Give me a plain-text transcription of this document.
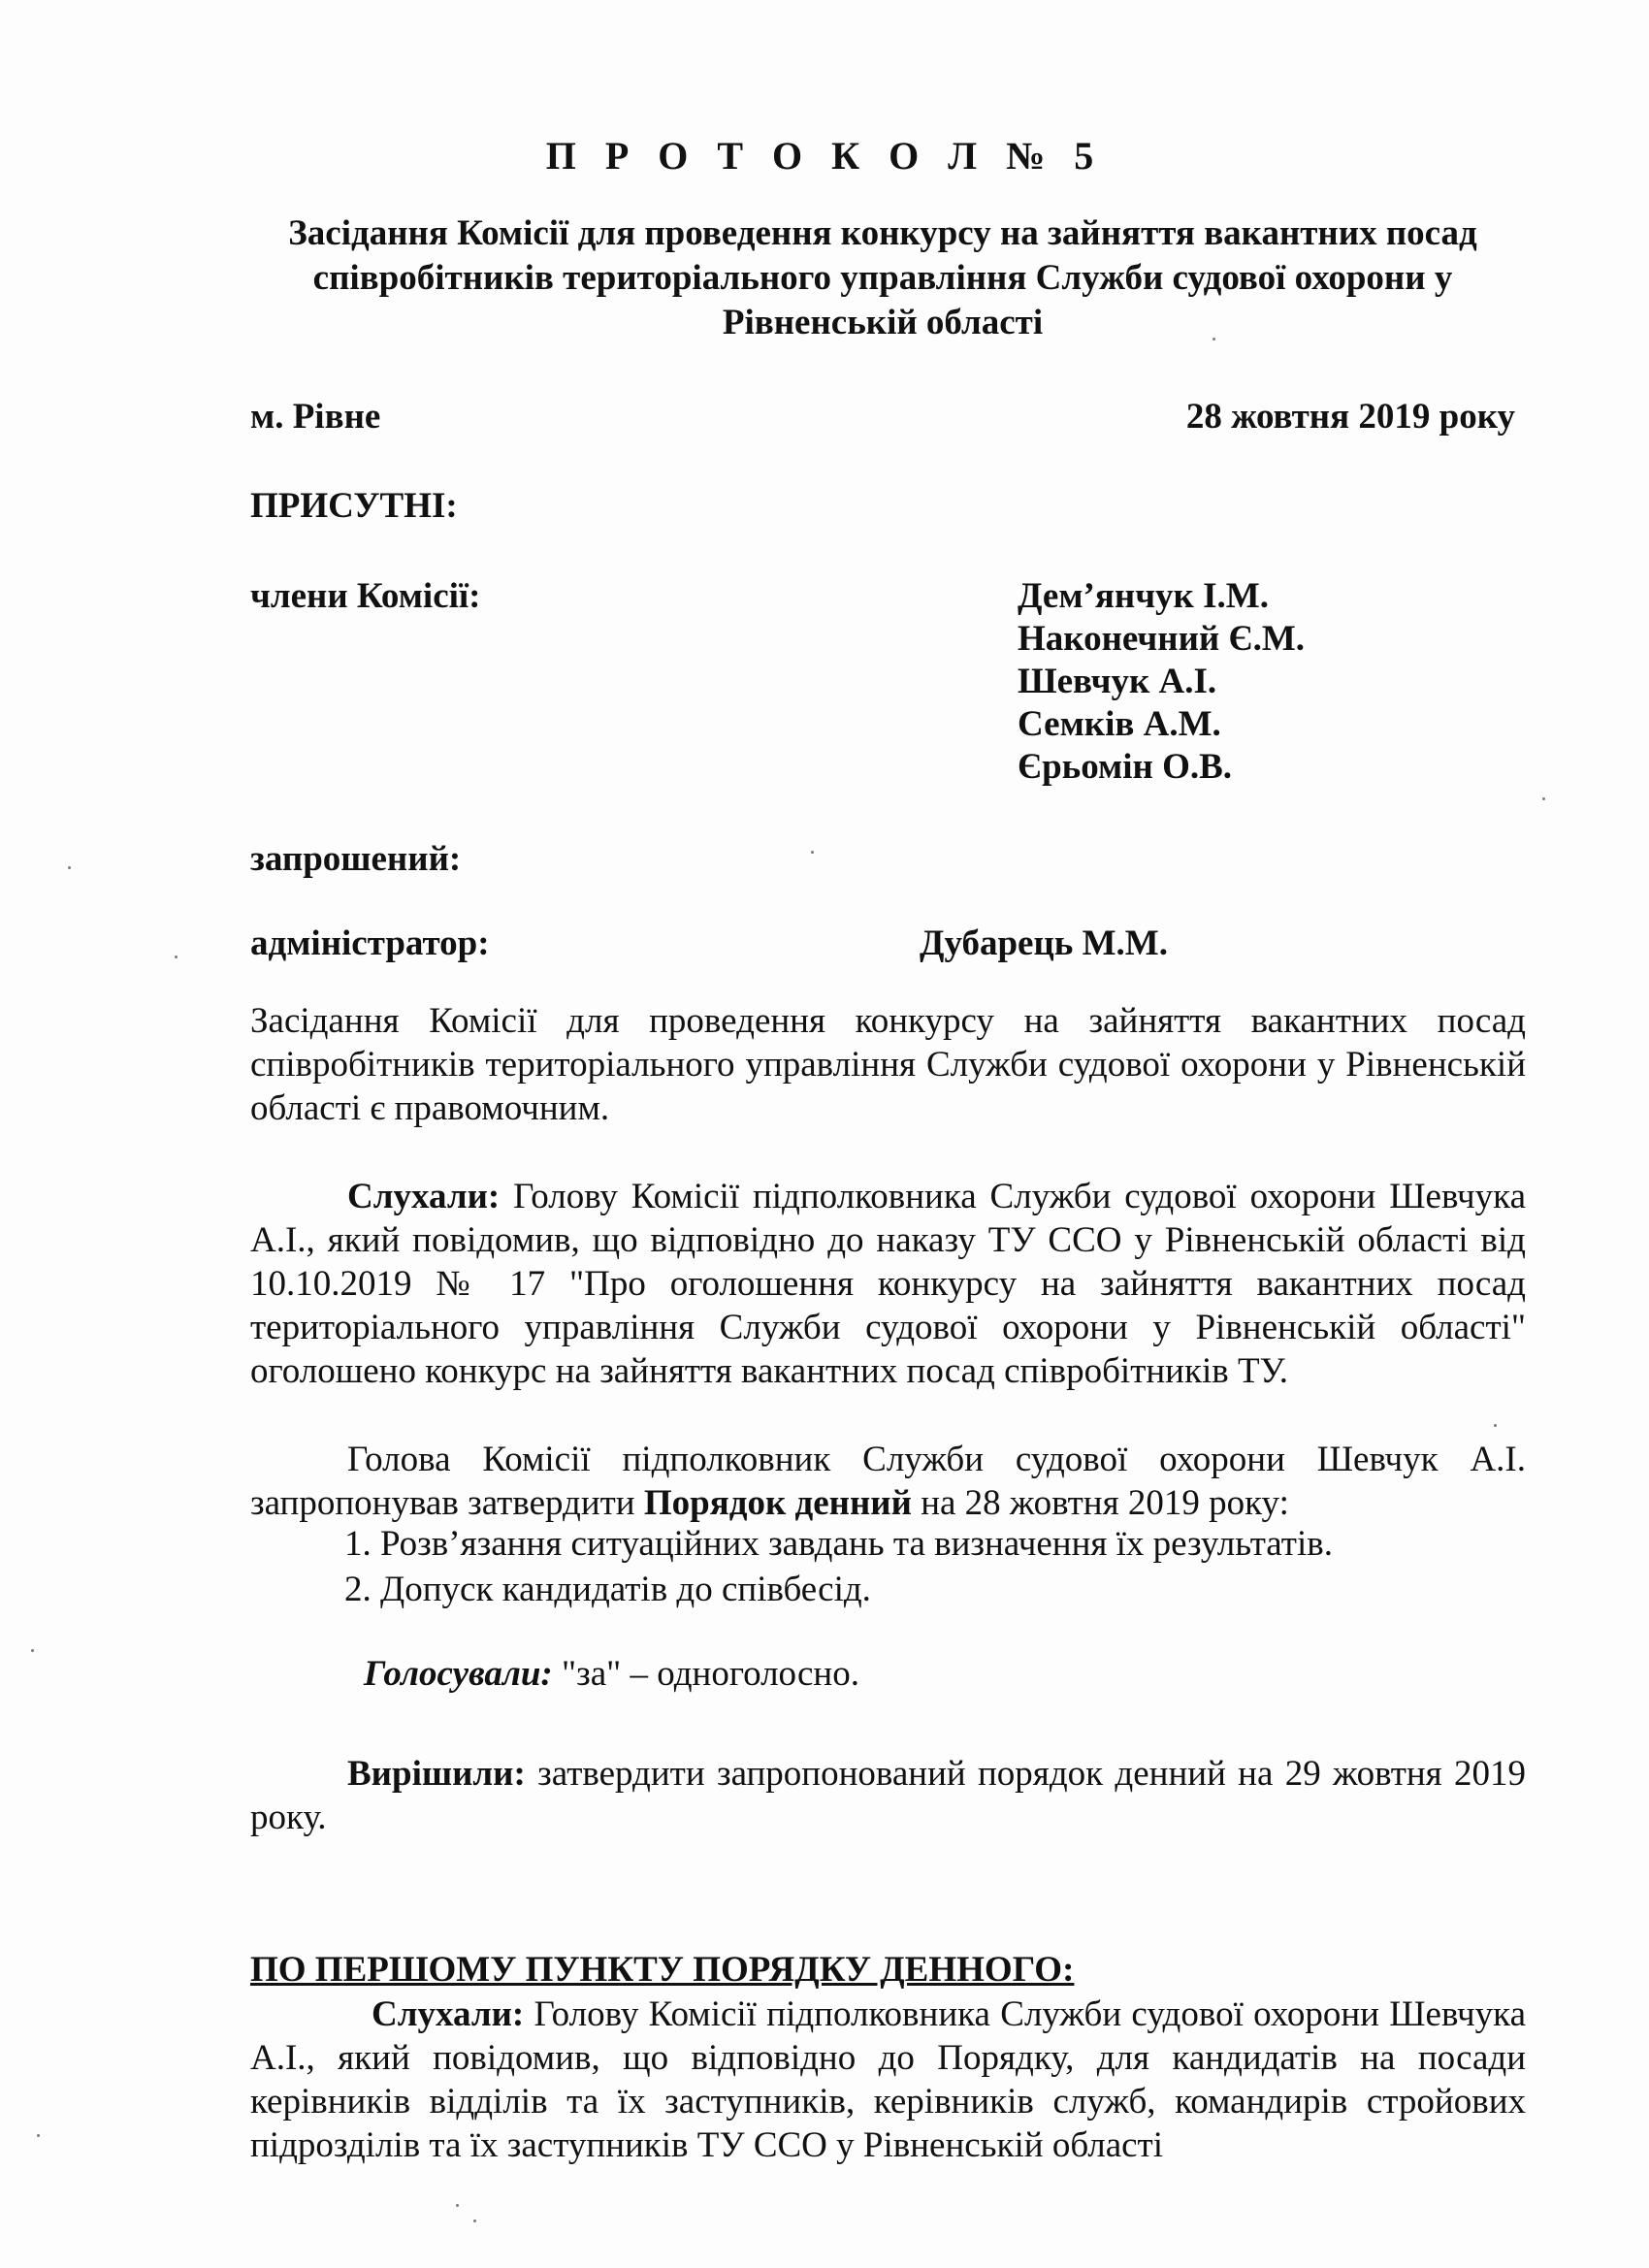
П Р О Т О К О Л № 5
Засідання Комісії для проведення конкурсу на зайняття вакантних посад
співробітників територіального управління Служби судової охорони у
Рівненській області
м. Рівне	28 жовтня 2019 року
ПРИСУТНІ:
члени Комісії:	Дем’янчук І.М.
Наконечний Є.М.
Шевчук А.І.
Семків А.М.
Єрьомін О.В.
запрошений:
адміністратор:	Дубарець М.М.

Засідання Комісії для проведення конкурсу на зайняття вакантних посад співробітників територіального управління Служби судової охорони у Рівненській області є правомочним.

Слухали: Голову Комісії підполковника Служби судової охорони Шевчука А.І., який повідомив, що відповідно до наказу ТУ ССО у Рівненській області від 10.10.2019 № 17 "Про оголошення конкурсу на зайняття вакантних посад територіального управління Служби судової охорони у Рівненській області" оголошено конкурс на зайняття вакантних посад співробітників ТУ.

Голова Комісії підполковник Служби судової охорони Шевчук А.І. запропонував затвердити Порядок денний на 28 жовтня 2019 року:

1. Розв’язання ситуаційних завдань та визначення їх результатів.
2. Допуск кандидатів до співбесід.
Голосували: "за" – одноголосно.

Вирішили: затвердити запропонований порядок денний на 29 жовтня 2019 року.

ПО ПЕРШОМУ ПУНКТУ ПОРЯДКУ ДЕННОГО:

Слухали: Голову Комісії підполковника Служби судової охорони Шевчука А.І., який повідомив, що відповідно до Порядку, для кандидатів на посади керівників відділів та їх заступників, керівників служб, командирів стройових підрозділів та їх заступників ТУ ССО у Рівненській області
